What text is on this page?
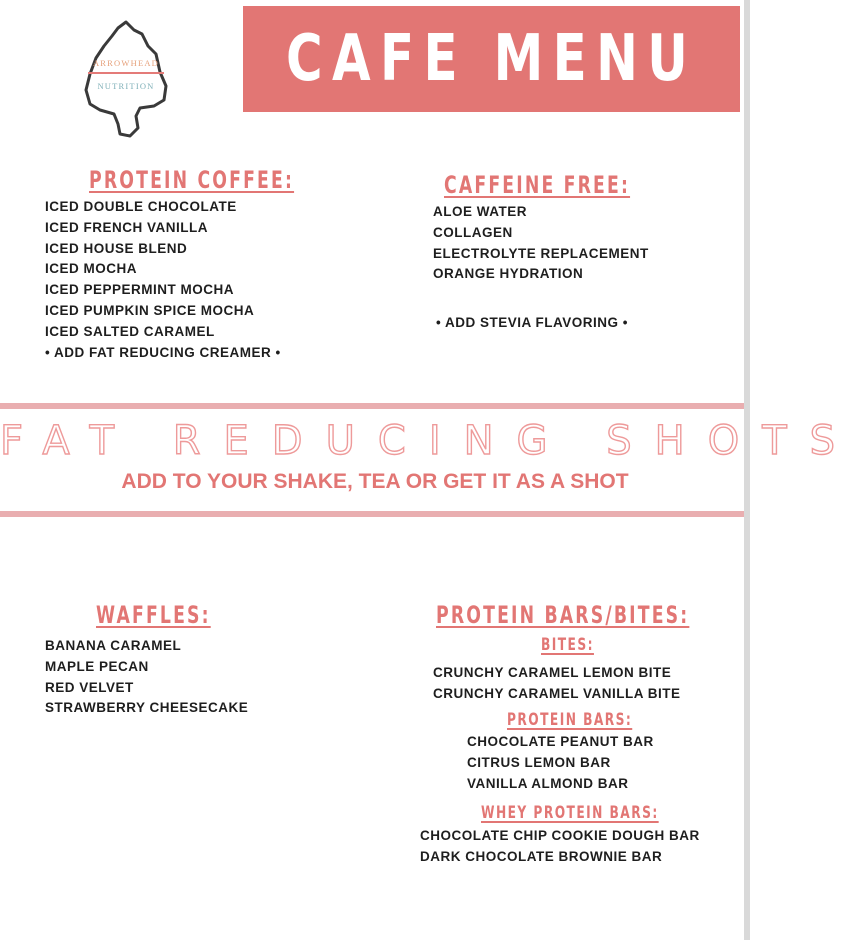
ARROWHEAD
NUTRITION	CAFE MENU
PROTEIN COFFEE:
ICED DOUBLE CHOCOLATE
ICED FRENCH VANILLA
ICED HOUSE BLEND
ICED MOCHA
ICED PEPPERMINT MOCHA
ICED PUMPKIN SPICE MOCHA
ICED SALTED CARAMEL
• ADD FAT REDUCING CREAMER •
CAFFEINE FREE:
ALOE WATER
COLLAGEN
ELECTROLYTE REPLACEMENT
ORANGE HYDRATION
• ADD STEVIA FLAVORING •
FAT REDUCING SHOTS
ADD TO YOUR SHAKE, TEA OR GET IT AS A SHOT
WAFFLES:
BANANA CARAMEL
MAPLE PECAN
RED VELVET
STRAWBERRY CHEESECAKE
PROTEIN BARS/BITES:
BITES:
CRUNCHY CARAMEL LEMON BITE
CRUNCHY CARAMEL VANILLA BITE
PROTEIN BARS:
CHOCOLATE PEANUT BAR
CITRUS LEMON BAR
VANILLA ALMOND BAR
WHEY PROTEIN BARS:
CHOCOLATE CHIP COOKIE DOUGH BAR
DARK CHOCOLATE BROWNIE BAR
